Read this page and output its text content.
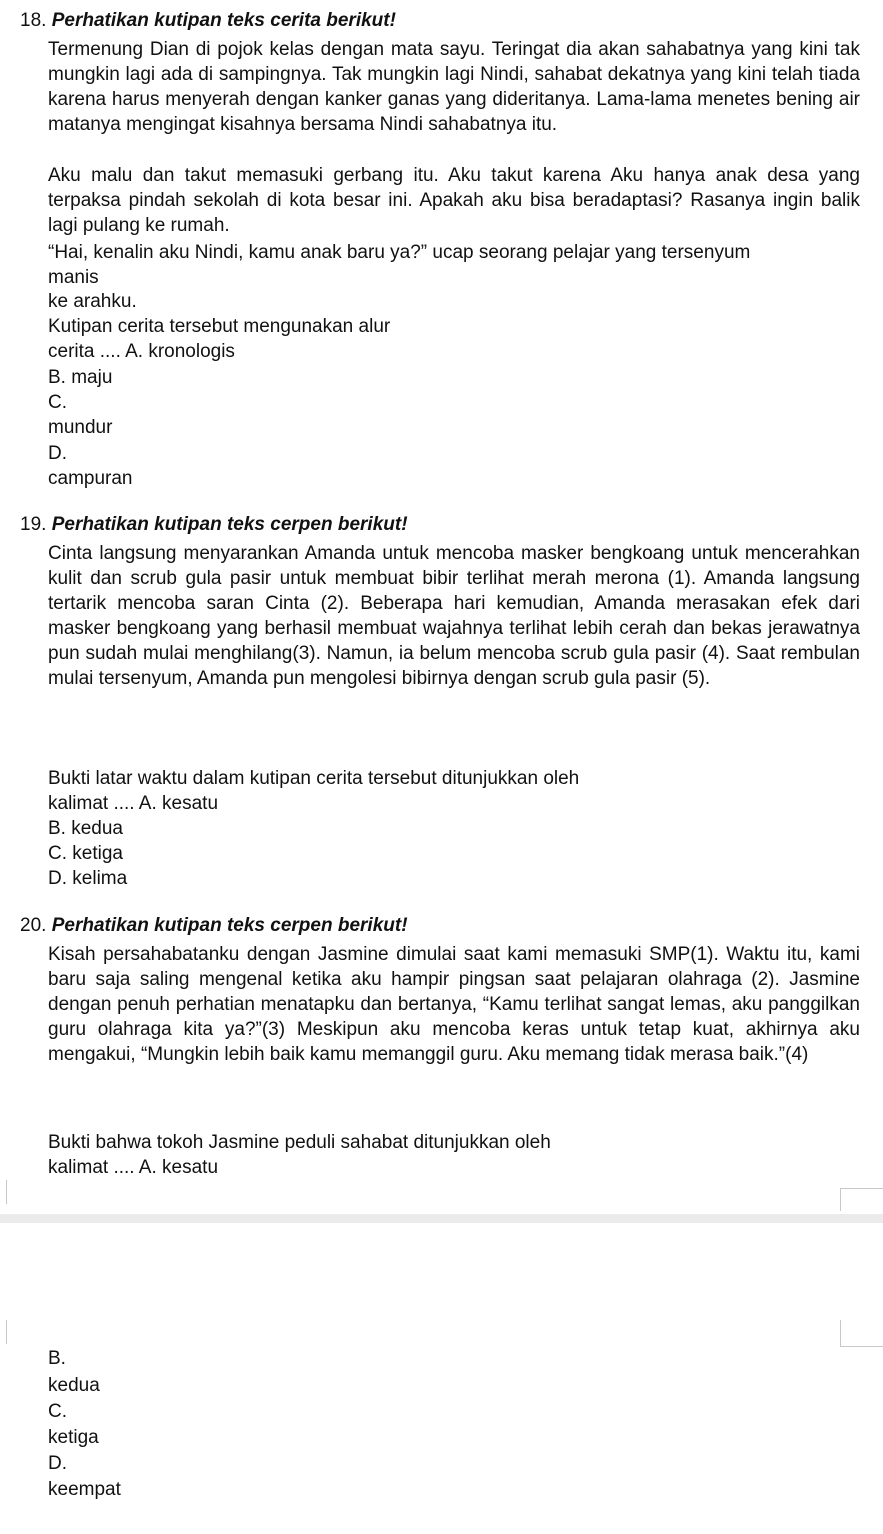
18. Perhatikan kutipan teks cerita berikut!

Termenung Dian di pojok kelas dengan mata sayu. Teringat dia akan sahabatnya yang kini tak mungkin lagi ada di sampingnya. Tak mungkin lagi Nindi, sahabat dekatnya yang kini telah tiada karena harus menyerah dengan kanker ganas yang dideritanya. Lama-lama menetes bening air matanya mengingat kisahnya bersama Nindi sahabatnya itu.

Aku malu dan takut memasuki gerbang itu. Aku takut karena Aku hanya anak desa yang terpaksa pindah sekolah di kota besar ini. Apakah aku bisa beradaptasi? Rasanya ingin balik lagi pulang ke rumah.

“Hai, kenalin aku Nindi, kamu anak baru ya?” ucap seorang pelajar yang tersenyum
manis
ke arahku.
Kutipan cerita tersebut mengunakan alur
cerita .... A. kronologis
B. maju
C.
mundur
D.
campuran
19. Perhatikan kutipan teks cerpen berikut!

Cinta langsung menyarankan Amanda untuk mencoba masker bengkoang untuk mencerahkan kulit dan scrub gula pasir untuk membuat bibir terlihat merah merona (1). Amanda langsung tertarik mencoba saran Cinta (2). Beberapa hari kemudian, Amanda merasakan efek dari masker bengkoang yang berhasil membuat wajahnya terlihat lebih cerah dan bekas jerawatnya pun sudah mulai menghilang(3). Namun, ia belum mencoba scrub gula pasir (4). Saat rembulan mulai tersenyum, Amanda pun mengolesi bibirnya dengan scrub gula pasir (5).

Bukti latar waktu dalam kutipan cerita tersebut ditunjukkan oleh
kalimat .... A. kesatu
B. kedua
C. ketiga
D. kelima
20. Perhatikan kutipan teks cerpen berikut!

Kisah persahabatanku dengan Jasmine dimulai saat kami memasuki SMP(1). Waktu itu, kami baru saja saling mengenal ketika aku hampir pingsan saat pelajaran olahraga (2). Jasmine dengan penuh perhatian menatapku dan bertanya, “Kamu terlihat sangat lemas, aku panggilkan guru olahraga kita ya?”(3) Meskipun aku mencoba keras untuk tetap kuat, akhirnya aku mengakui, “Mungkin lebih baik kamu memanggil guru. Aku memang tidak merasa baik.”(4)

Bukti bahwa tokoh Jasmine peduli sahabat ditunjukkan oleh
kalimat .... A. kesatu
B.
kedua
C.
ketiga
D.
keempat
